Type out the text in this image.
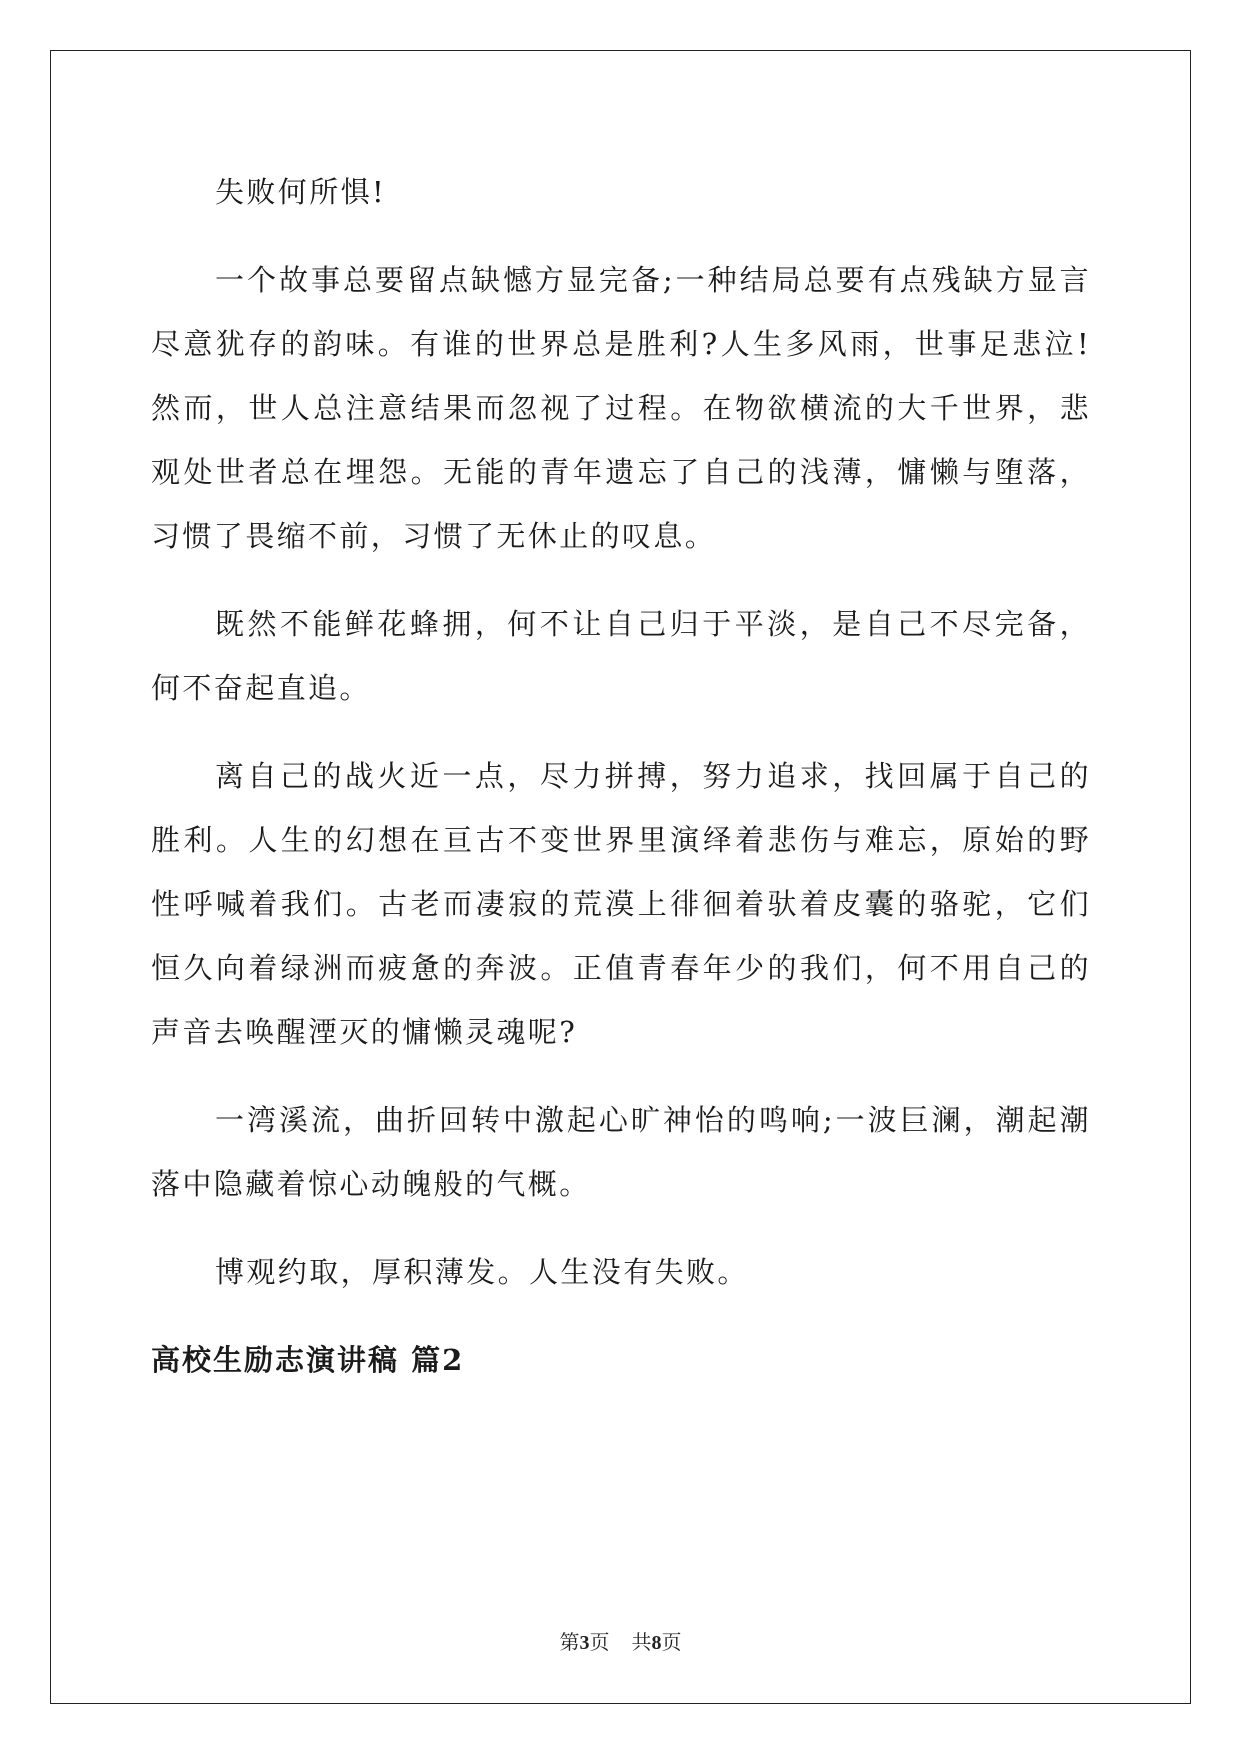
失败何所惧!

一个故事总要留点缺憾方显完备;一种结局总要有点残缺方显言尽意犹存的韵味。有谁的世界总是胜利?人生多风雨，世事足悲泣!然而，世人总注意结果而忽视了过程。在物欲横流的大千世界，悲观处世者总在埋怨。无能的青年遗忘了自己的浅薄，慵懒与堕落，习惯了畏缩不前，习惯了无休止的叹息。

既然不能鲜花蜂拥，何不让自己归于平淡，是自己不尽完备，何不奋起直追。

离自己的战火近一点，尽力拼搏，努力追求，找回属于自己的胜利。人生的幻想在亘古不变世界里演绎着悲伤与难忘，原始的野性呼喊着我们。古老而凄寂的荒漠上徘徊着驮着皮囊的骆驼，它们恒久向着绿洲而疲惫的奔波。正值青春年少的我们，何不用自己的声音去唤醒湮灭的慵懒灵魂呢?

一湾溪流，曲折回转中激起心旷神怡的鸣响;一波巨澜，潮起潮落中隐藏着惊心动魄般的气概。

博观约取，厚积薄发。人生没有失败。

高校生励志演讲稿 篇2
第3页 共8页
